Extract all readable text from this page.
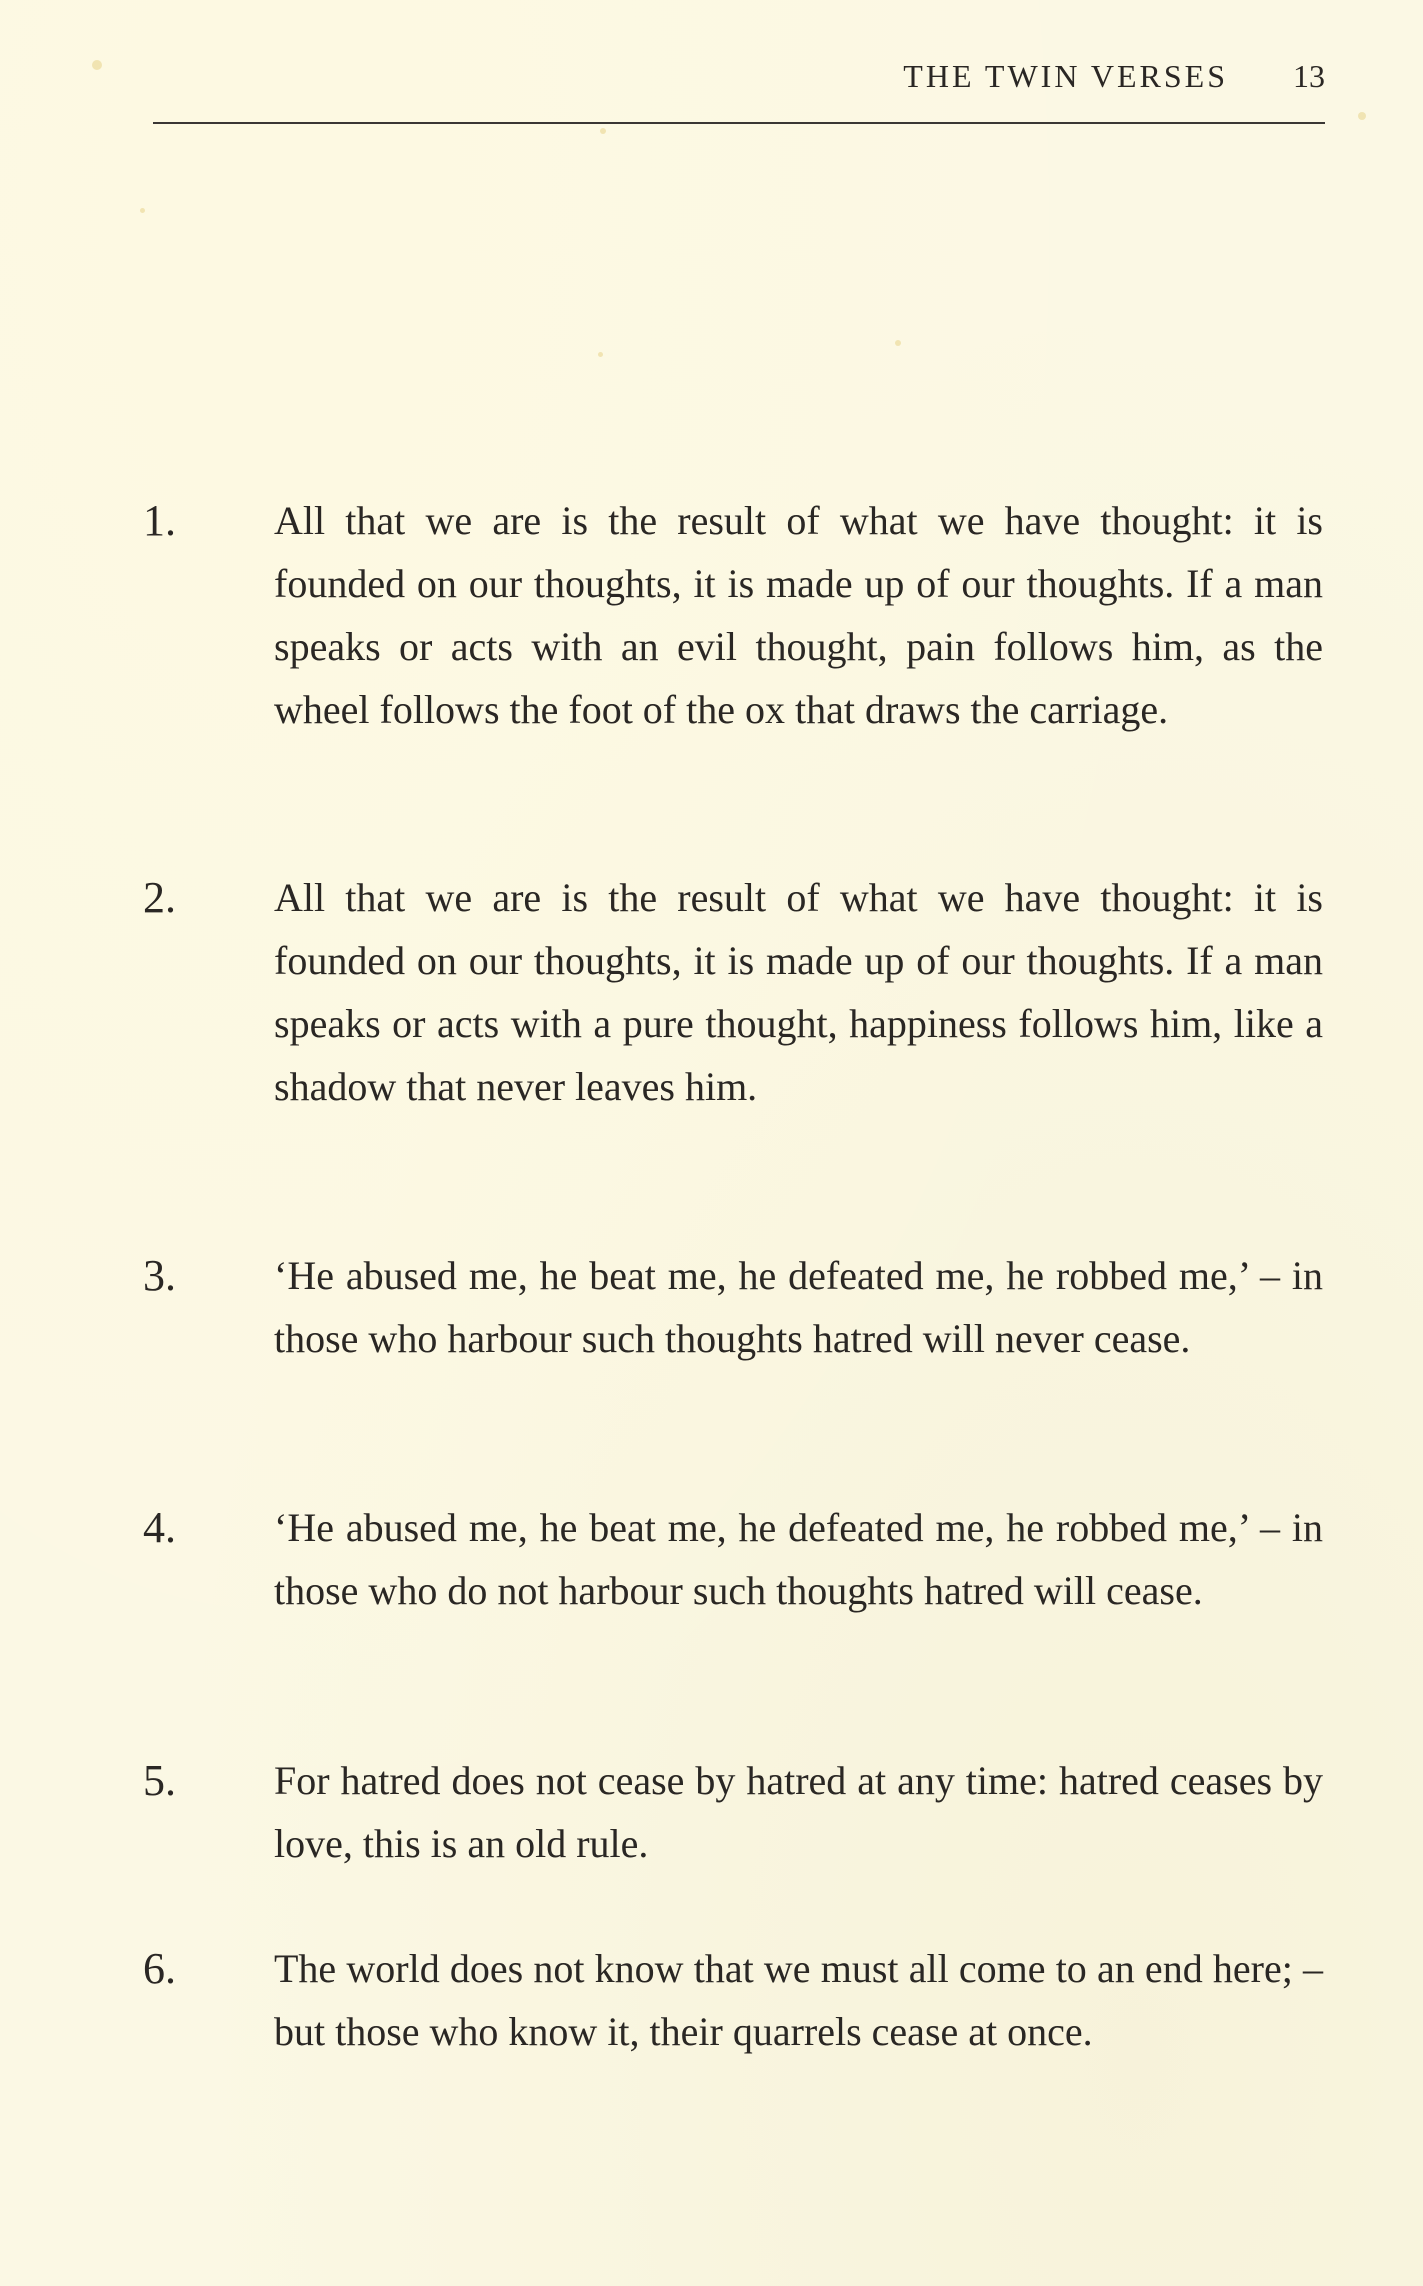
THE TWIN VERSES 13
1. All that we are is the result of what we have thought: it is founded on our thoughts, it is made up of our thoughts. If a man speaks or acts with an evil thought, pain follows him, as the wheel follows the foot of the ox that draws the carriage.

2. All that we are is the result of what we have thought: it is founded on our thoughts, it is made up of our thoughts. If a man speaks or acts with a pure thought, happiness follows him, like a shadow that never leaves him.

3. ‘He abused me, he beat me, he defeated me, he robbed me,’ – in those who harbour such thoughts hatred will never cease.

4. ‘He abused me, he beat me, he defeated me, he robbed me,’ – in those who do not harbour such thoughts hatred will cease.

5. For hatred does not cease by hatred at any time: hatred ceases by love, this is an old rule.

6. The world does not know that we must all come to an end here; – but those who know it, their quarrels cease at once.
